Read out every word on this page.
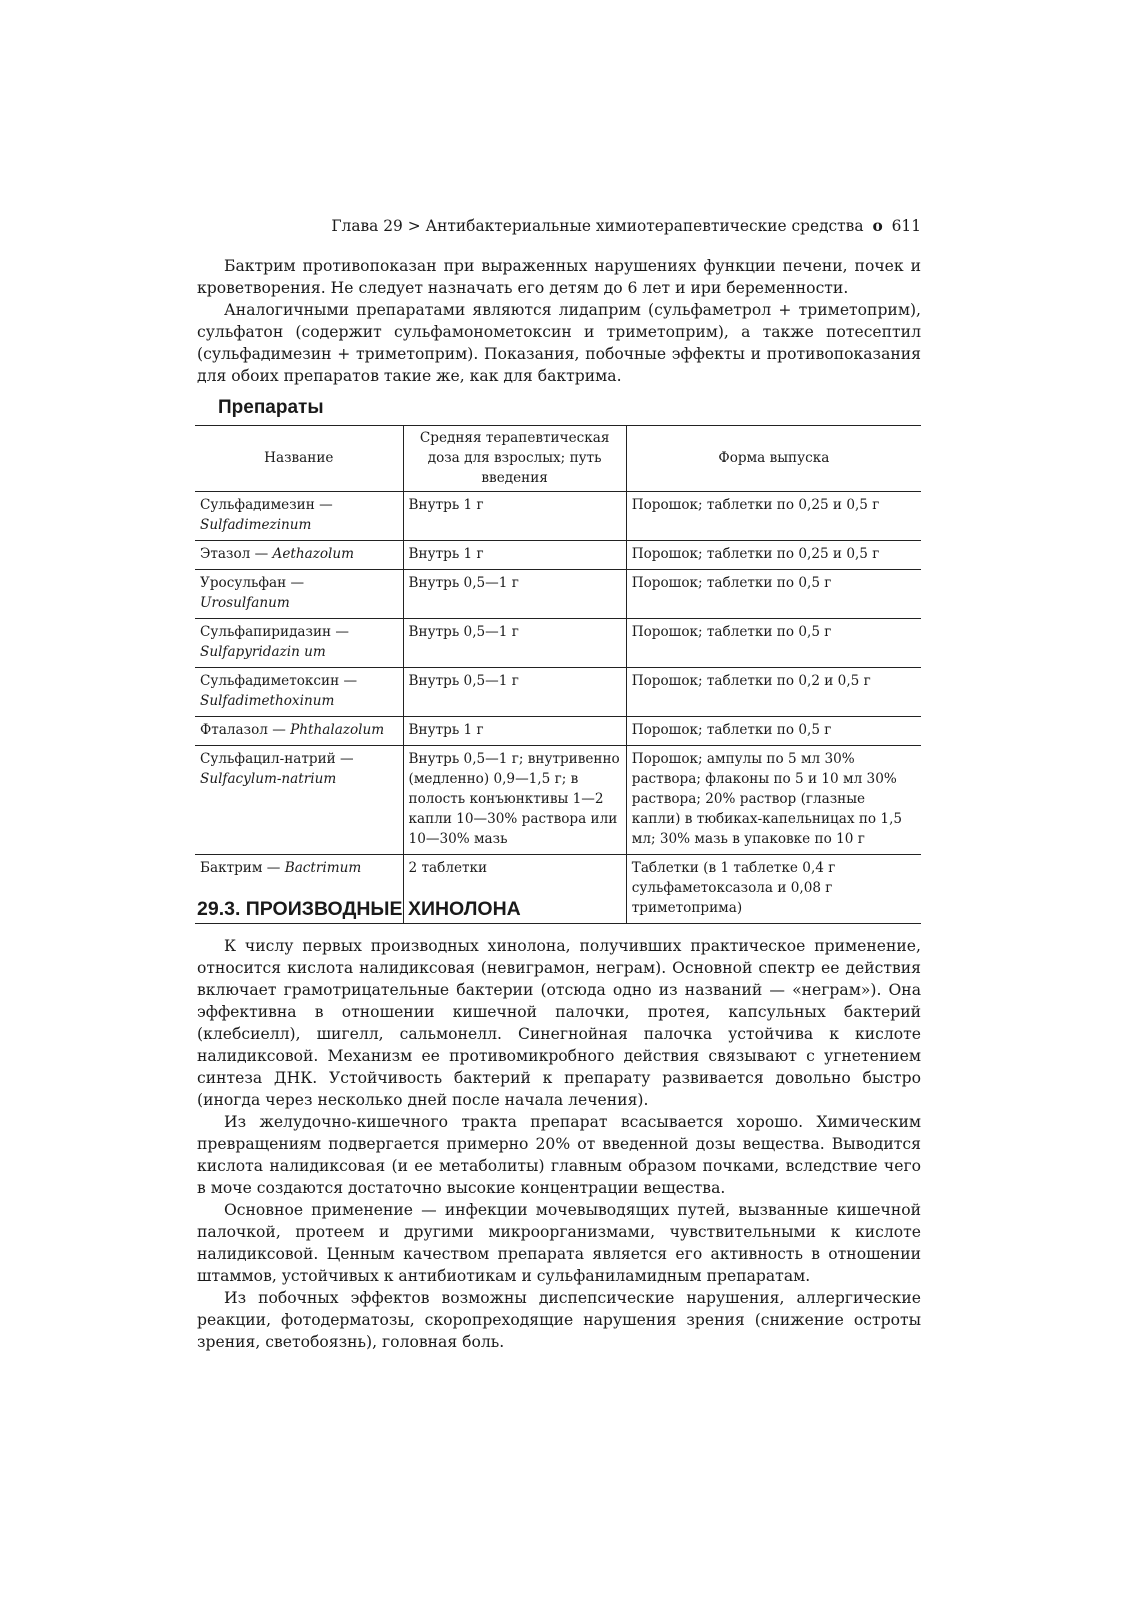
Глава 29 > Антибактериальные химиотерапевтические средства о 611

Бактрим противопоказан при выраженных нарушениях функции печени, почек и кроветворения. Не следует назначать его детям до 6 лет и ири беременности.

Аналогичными препаратами являются лидаприм (сульфаметрол + триметоприм), сульфатон (содержит сульфамонометоксин и триметоприм), а также потесептил (сульфадимезин + триметоприм). Показания, побочные эффекты и противопоказания для обоих препаратов такие же, как для бактрима.

Препараты
Название	Средняя терапевтическая доза для взрослых; путь введения	Форма выпуска
Сульфадимезин — Sulfadimezinum	Внутрь 1 г	Порошок; таблетки по 0,25 и 0,5 г
Этазол — Aethazolum	Внутрь 1 г	Порошок; таблетки по 0,25 и 0,5 г
Уросульфан — Urosulfanum	Внутрь 0,5—1 г	Порошок; таблетки по 0,5 г
Сульфапиридазин — Sulfapyridazin um	Внутрь 0,5—1 г	Порошок; таблетки по 0,5 г
Сульфадиметоксин — Sulfadimethoxinum	Внутрь 0,5—1 г	Порошок; таблетки по 0,2 и 0,5 г
Фталазол — Phthalazolum	Внутрь 1 г	Порошок; таблетки по 0,5 г
Сульфацил-натрий — Sulfacylum-natrium	Внутрь 0,5—1 г; внутривенно (медленно) 0,9—1,5 г; в полость конъюнктивы 1—2 капли 10—30% раствора или 10—30% мазь	Порошок; ампулы по 5 мл 30% раствора; флаконы по 5 и 10 мл 30% раствора; 20% раствор (глазные капли) в тюбиках-капельницах по 1,5 мл; 30% мазь в упаковке по 10 г
Бактрим — Bactrimum	2 таблетки	Таблетки (в 1 таблетке 0,4 г сульфаметоксазола и 0,08 г триметоприма)
29.3. ПРОИЗВОДНЫЕ ХИНОЛОНА

К числу первых производных хинолона, получивших практическое применение, относится кислота налидиксовая (невиграмон, неграм). Основной спектр ее действия включает грамотрицательные бактерии (отсюда одно из названий — «неграм»). Она эффективна в отношении кишечной палочки, протея, капсульных бактерий (клебсиелл), шигелл, сальмонелл. Синегнойная палочка устойчива к кислоте налидиксовой. Механизм ее противомикробного действия связывают с угнетением синтеза ДНК. Устойчивость бактерий к препарату развивается довольно быстро (иногда через несколько дней после начала лечения).

Из желудочно-кишечного тракта препарат всасывается хорошо. Химическим превращениям подвергается примерно 20% от введенной дозы вещества. Выводится кислота налидиксовая (и ее метаболиты) главным образом почками, вследствие чего в моче создаются достаточно высокие концентрации вещества.

Основное применение — инфекции мочевыводящих путей, вызванные кишечной палочкой, протеем и другими микроорганизмами, чувствительными к кислоте налидиксовой. Ценным качеством препарата является его активность в отношении штаммов, устойчивых к антибиотикам и сульфаниламидным препаратам.

Из побочных эффектов возможны диспепсические нарушения, аллергические реакции, фотодерматозы, скоропреходящие нарушения зрения (снижение остроты зрения, светобоязнь), головная боль.
